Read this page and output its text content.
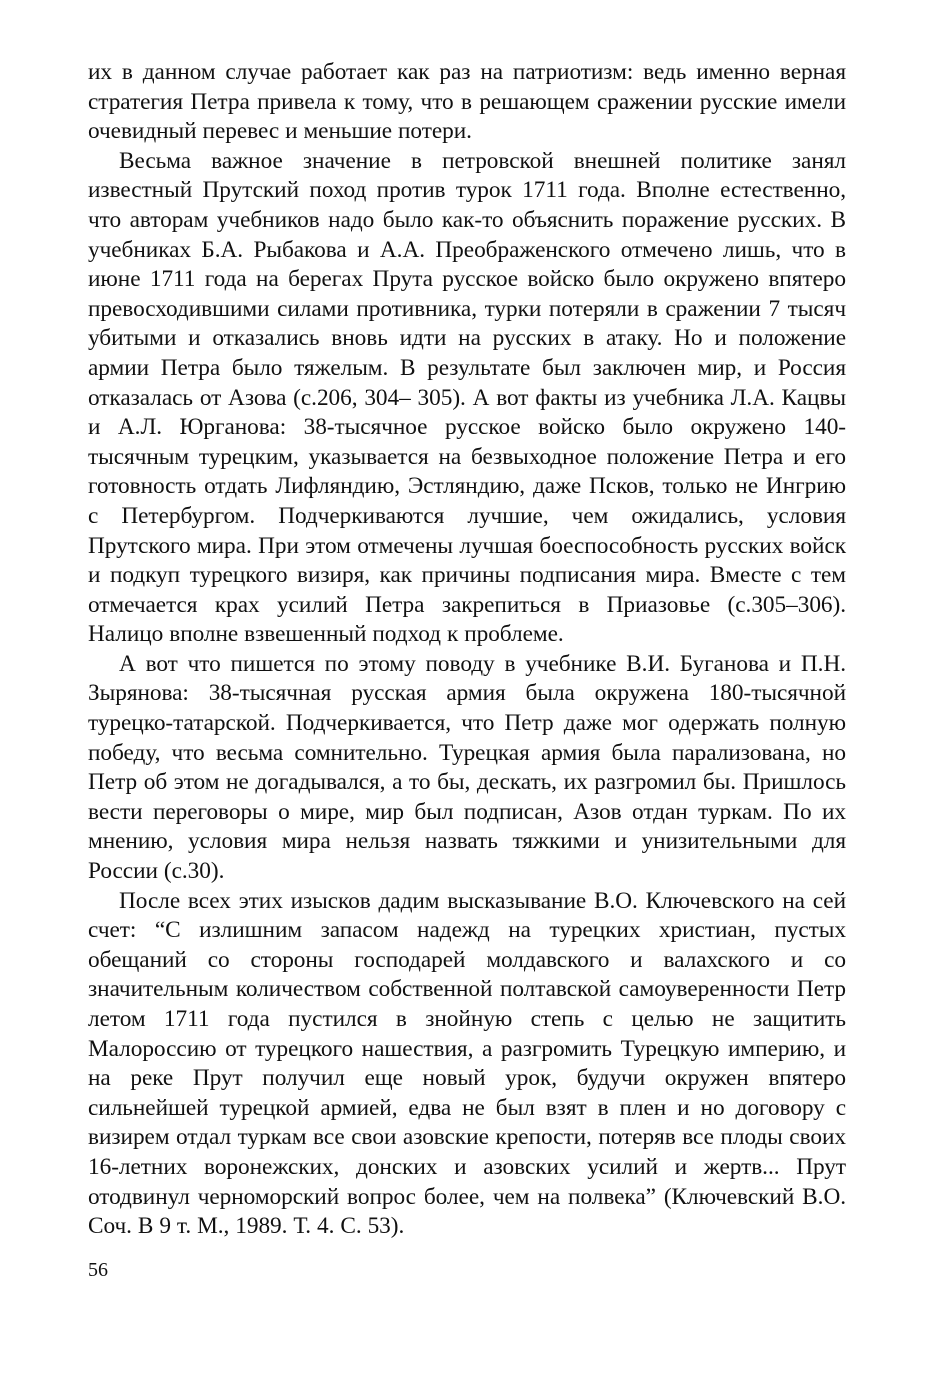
их в данном случае работает как раз на патриотизм: ведь именно верная стратегия Петра привела к тому, что в решающем сражении русские имели очевидный перевес и меньшие потери.

Весьма важное значение в петровской внешней политике занял известный Прутский поход против турок 1711 года. Вполне естественно, что авторам учебников надо было как-то объяснить поражение русских. В учебниках Б.А. Рыбакова и А.А. Преображенского отмечено лишь, что в июне 1711 года на берегах Прута русское войско было окружено впятеро превосходившими силами противника, турки потеряли в сражении 7 тысяч убитыми и отказались вновь идти на русских в атаку. Но и положение армии Петра было тяжелым. В результате был заключен мир, и Россия отказалась от Азова (с.206, 304– 305). А вот факты из учебника Л.А. Кацвы и А.Л. Юрганова: 38-тысячное русское войско было окружено 140-тысячным турецким, указывается на безвыходное положение Петра и его готовность отдать Лифляндию, Эстляндию, даже Псков, только не Ингрию с Петербургом. Подчеркиваются лучшие, чем ожидались, условия Прутского мира. При этом отмечены лучшая боеспособность русских войск и подкуп турецкого визиря, как причины подписания мира. Вместе с тем отмечается крах усилий Петра закрепиться в Приазовье (с.305–306). Налицо вполне взвешенный подход к проблеме.

А вот что пишется по этому поводу в учебнике В.И. Буганова и П.Н. Зырянова: 38-тысячная русская армия была окружена 180-тысячной турецко-татарской. Подчеркивается, что Петр даже мог одержать полную победу, что весьма сомнительно. Турецкая армия была парализована, но Петр об этом не догадывался, а то бы, дескать, их разгромил бы. Пришлось вести переговоры о мире, мир был подписан, Азов отдан туркам. По их мнению, условия мира нельзя назвать тяжкими и унизительными для России (с.30).

После всех этих изысков дадим высказывание В.О. Ключевского на сей счет: “С излишним запасом надежд на турецких христиан, пустых обещаний со стороны господарей молдавского и валахского и со значительным количеством собственной полтавской самоуверенности Петр летом 1711 года пустился в знойную степь с целью не защитить Малороссию от турецкого нашествия, а разгромить Турецкую империю, и на реке Прут получил еще новый урок, будучи окружен впятеро сильнейшей турецкой армией, едва не был взят в плен и но договору с визирем отдал туркам все свои азовские крепости, потеряв все плоды своих 16-летних воронежских, донских и азовских усилий и жертв... Прут отодвинул черноморский вопрос более, чем на полвека” (Ключевский В.О. Соч. В 9 т. М., 1989. Т. 4. С. 53).

56
